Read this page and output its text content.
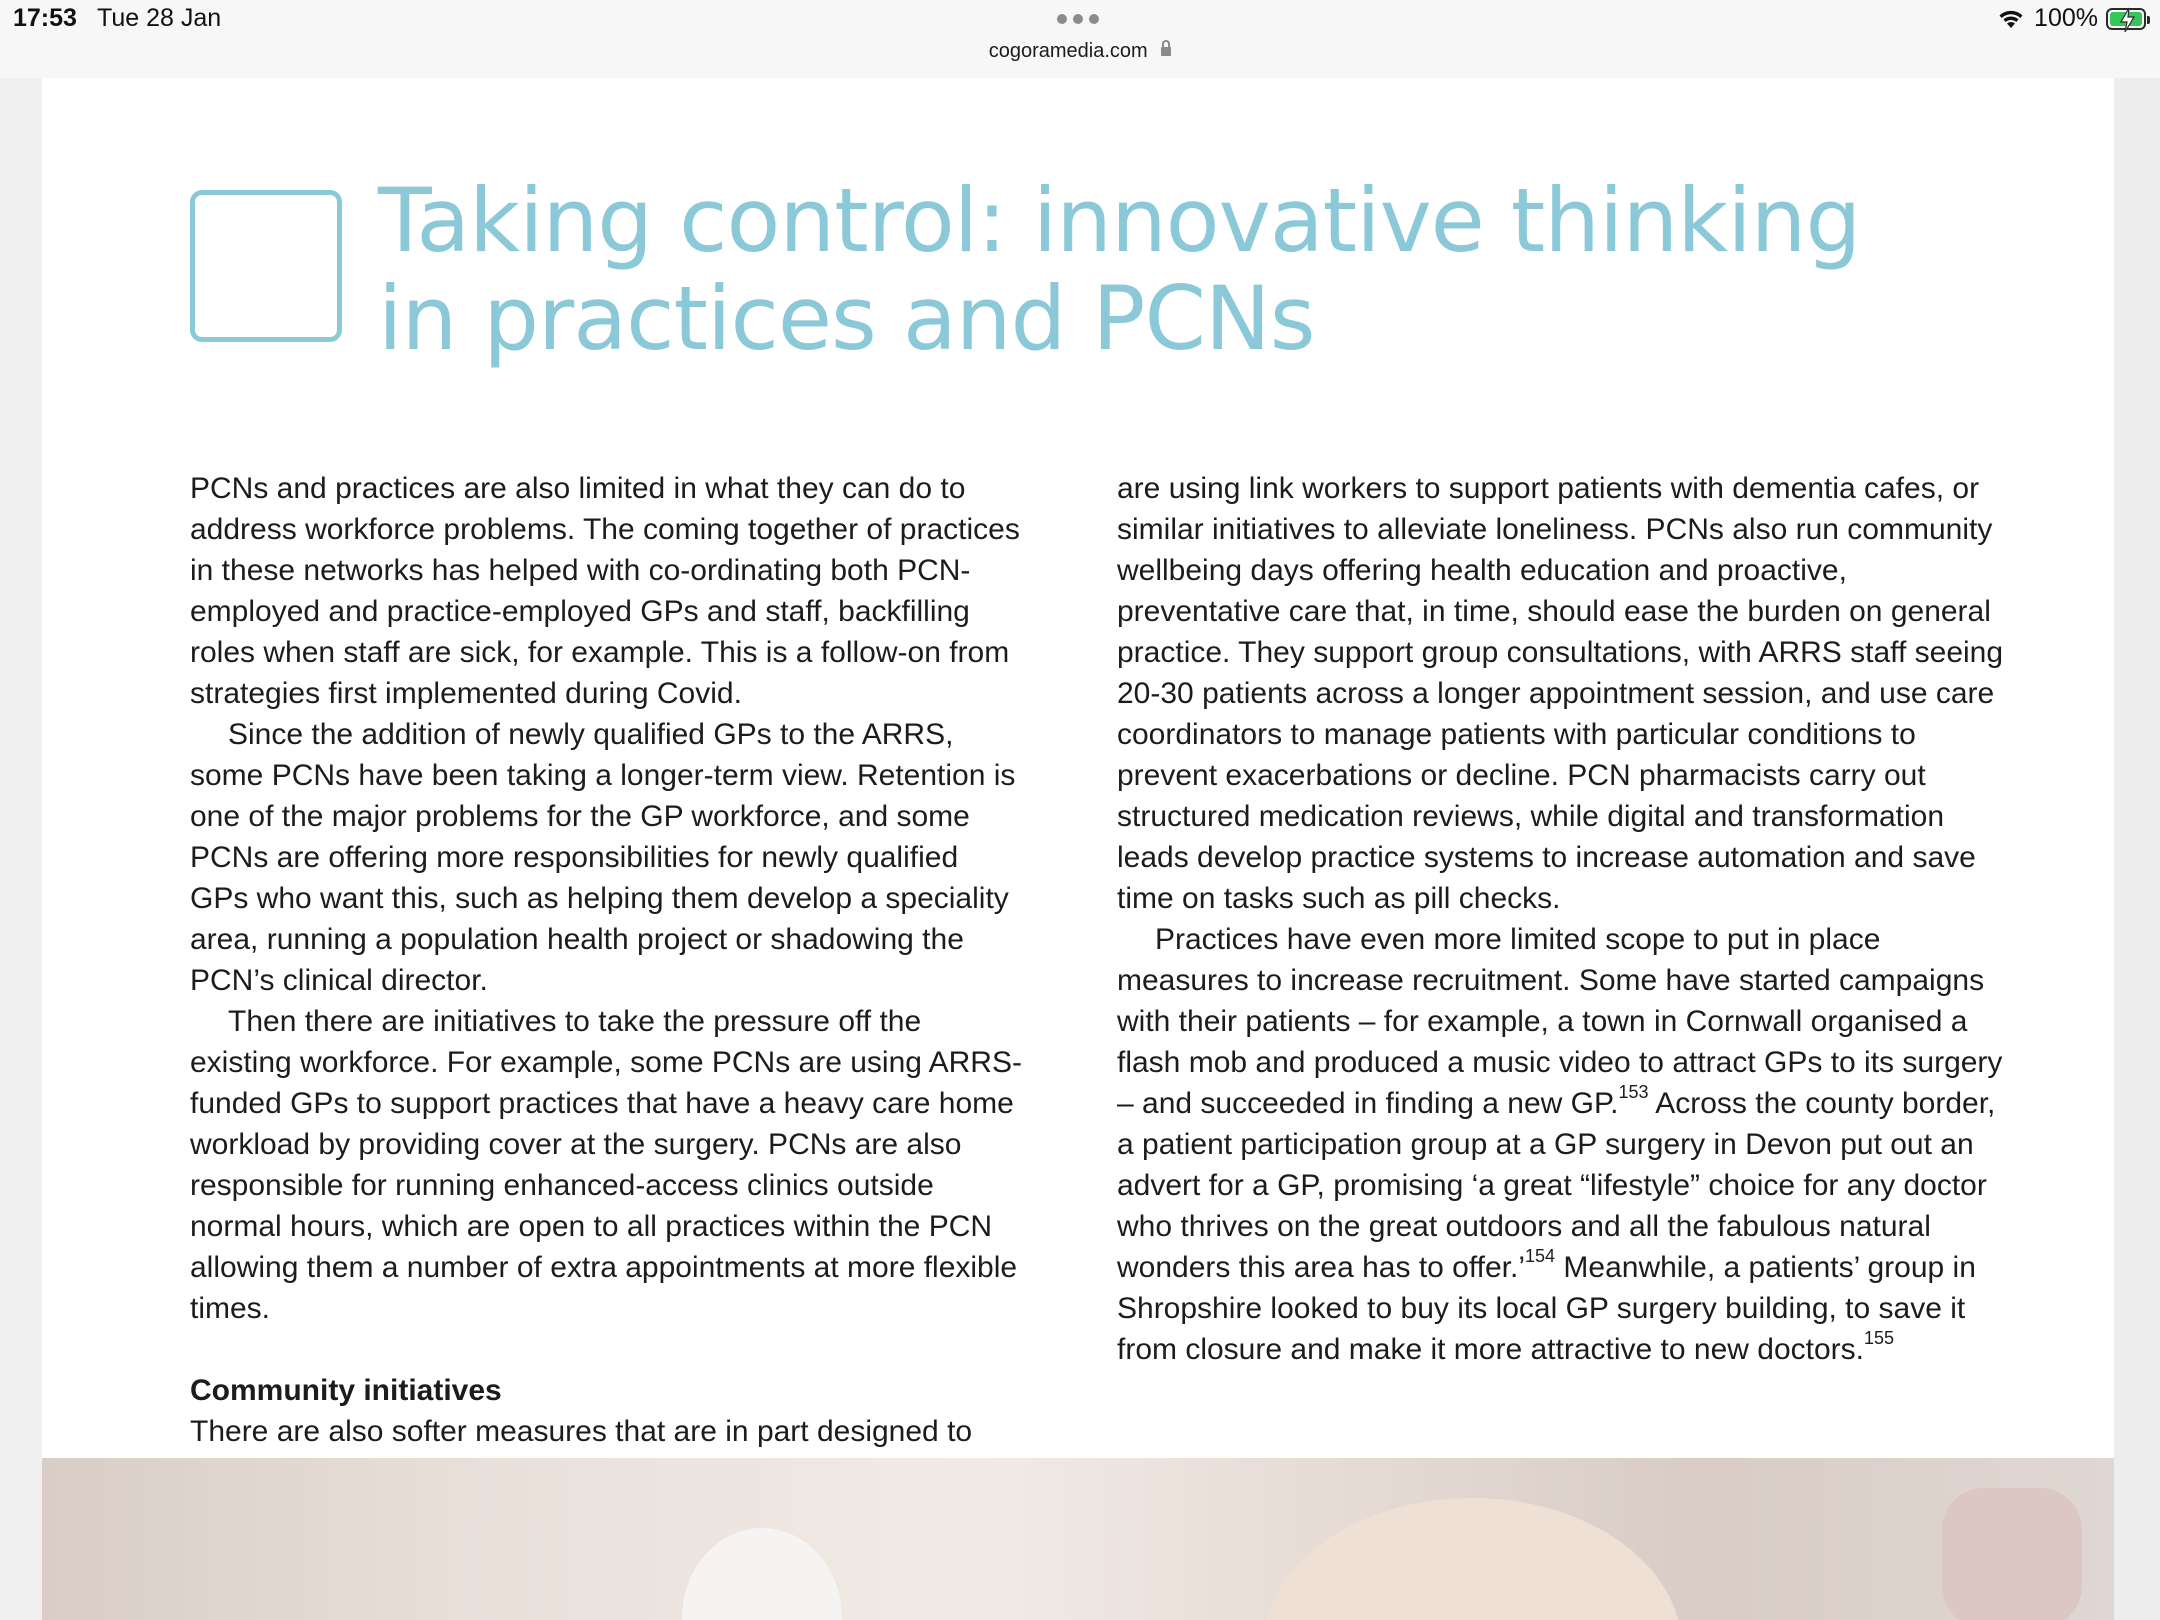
17:53 Tue 28 Jan
cogoramedia.com
100%
Taking control: innovative thinking
in practices and PCNs

PCNs and practices are also limited in what they can do to address workforce problems. The coming together of practices in these networks has helped with co-ordinating both PCN-employed and practice-employed GPs and staff, backfilling roles when staff are sick, for example. This is a follow-on from strategies first implemented during Covid.

Since the addition of newly qualified GPs to the ARRS, some PCNs have been taking a longer-term view. Retention is one of the major problems for the GP workforce, and some PCNs are offering more responsibilities for newly qualified GPs who want this, such as helping them develop a speciality area, running a population health project or shadowing the PCN’s clinical director.

Then there are initiatives to take the pressure off the existing workforce. For example, some PCNs are using ARRS-funded GPs to support practices that have a heavy care home workload by providing cover at the surgery. PCNs are also responsible for running enhanced-access clinics outside normal hours, which are open to all practices within the PCN allowing them a number of extra appointments at more flexible times.

Community initiatives

There are also softer measures that are in part designed to

are using link workers to support patients with dementia cafes, or similar initiatives to alleviate loneliness. PCNs also run community wellbeing days offering health education and proactive, preventative care that, in time, should ease the burden on general practice. They support group consultations, with ARRS staff seeing 20-30 patients across a longer appointment session, and use care coordinators to manage patients with particular conditions to prevent exacerbations or decline. PCN pharmacists carry out structured medication reviews, while digital and transformation leads develop practice systems to increase automation and save time on tasks such as pill checks.

Practices have even more limited scope to put in place measures to increase recruitment. Some have started campaigns with their patients – for example, a town in Cornwall organised a flash mob and produced a music video to attract GPs to its surgery – and succeeded in finding a new GP.$^{153}$ Across the county border, a patient participation group at a GP surgery in Devon put out an advert for a GP, promising ‘a great “lifestyle” choice for any doctor who thrives on the great outdoors and all the fabulous natural wonders this area has to offer.’$^{154}$ Meanwhile, a patients’ group in Shropshire looked to buy its local GP surgery building, to save it from closure and make it more attractive to new doctors.$^{155}$
